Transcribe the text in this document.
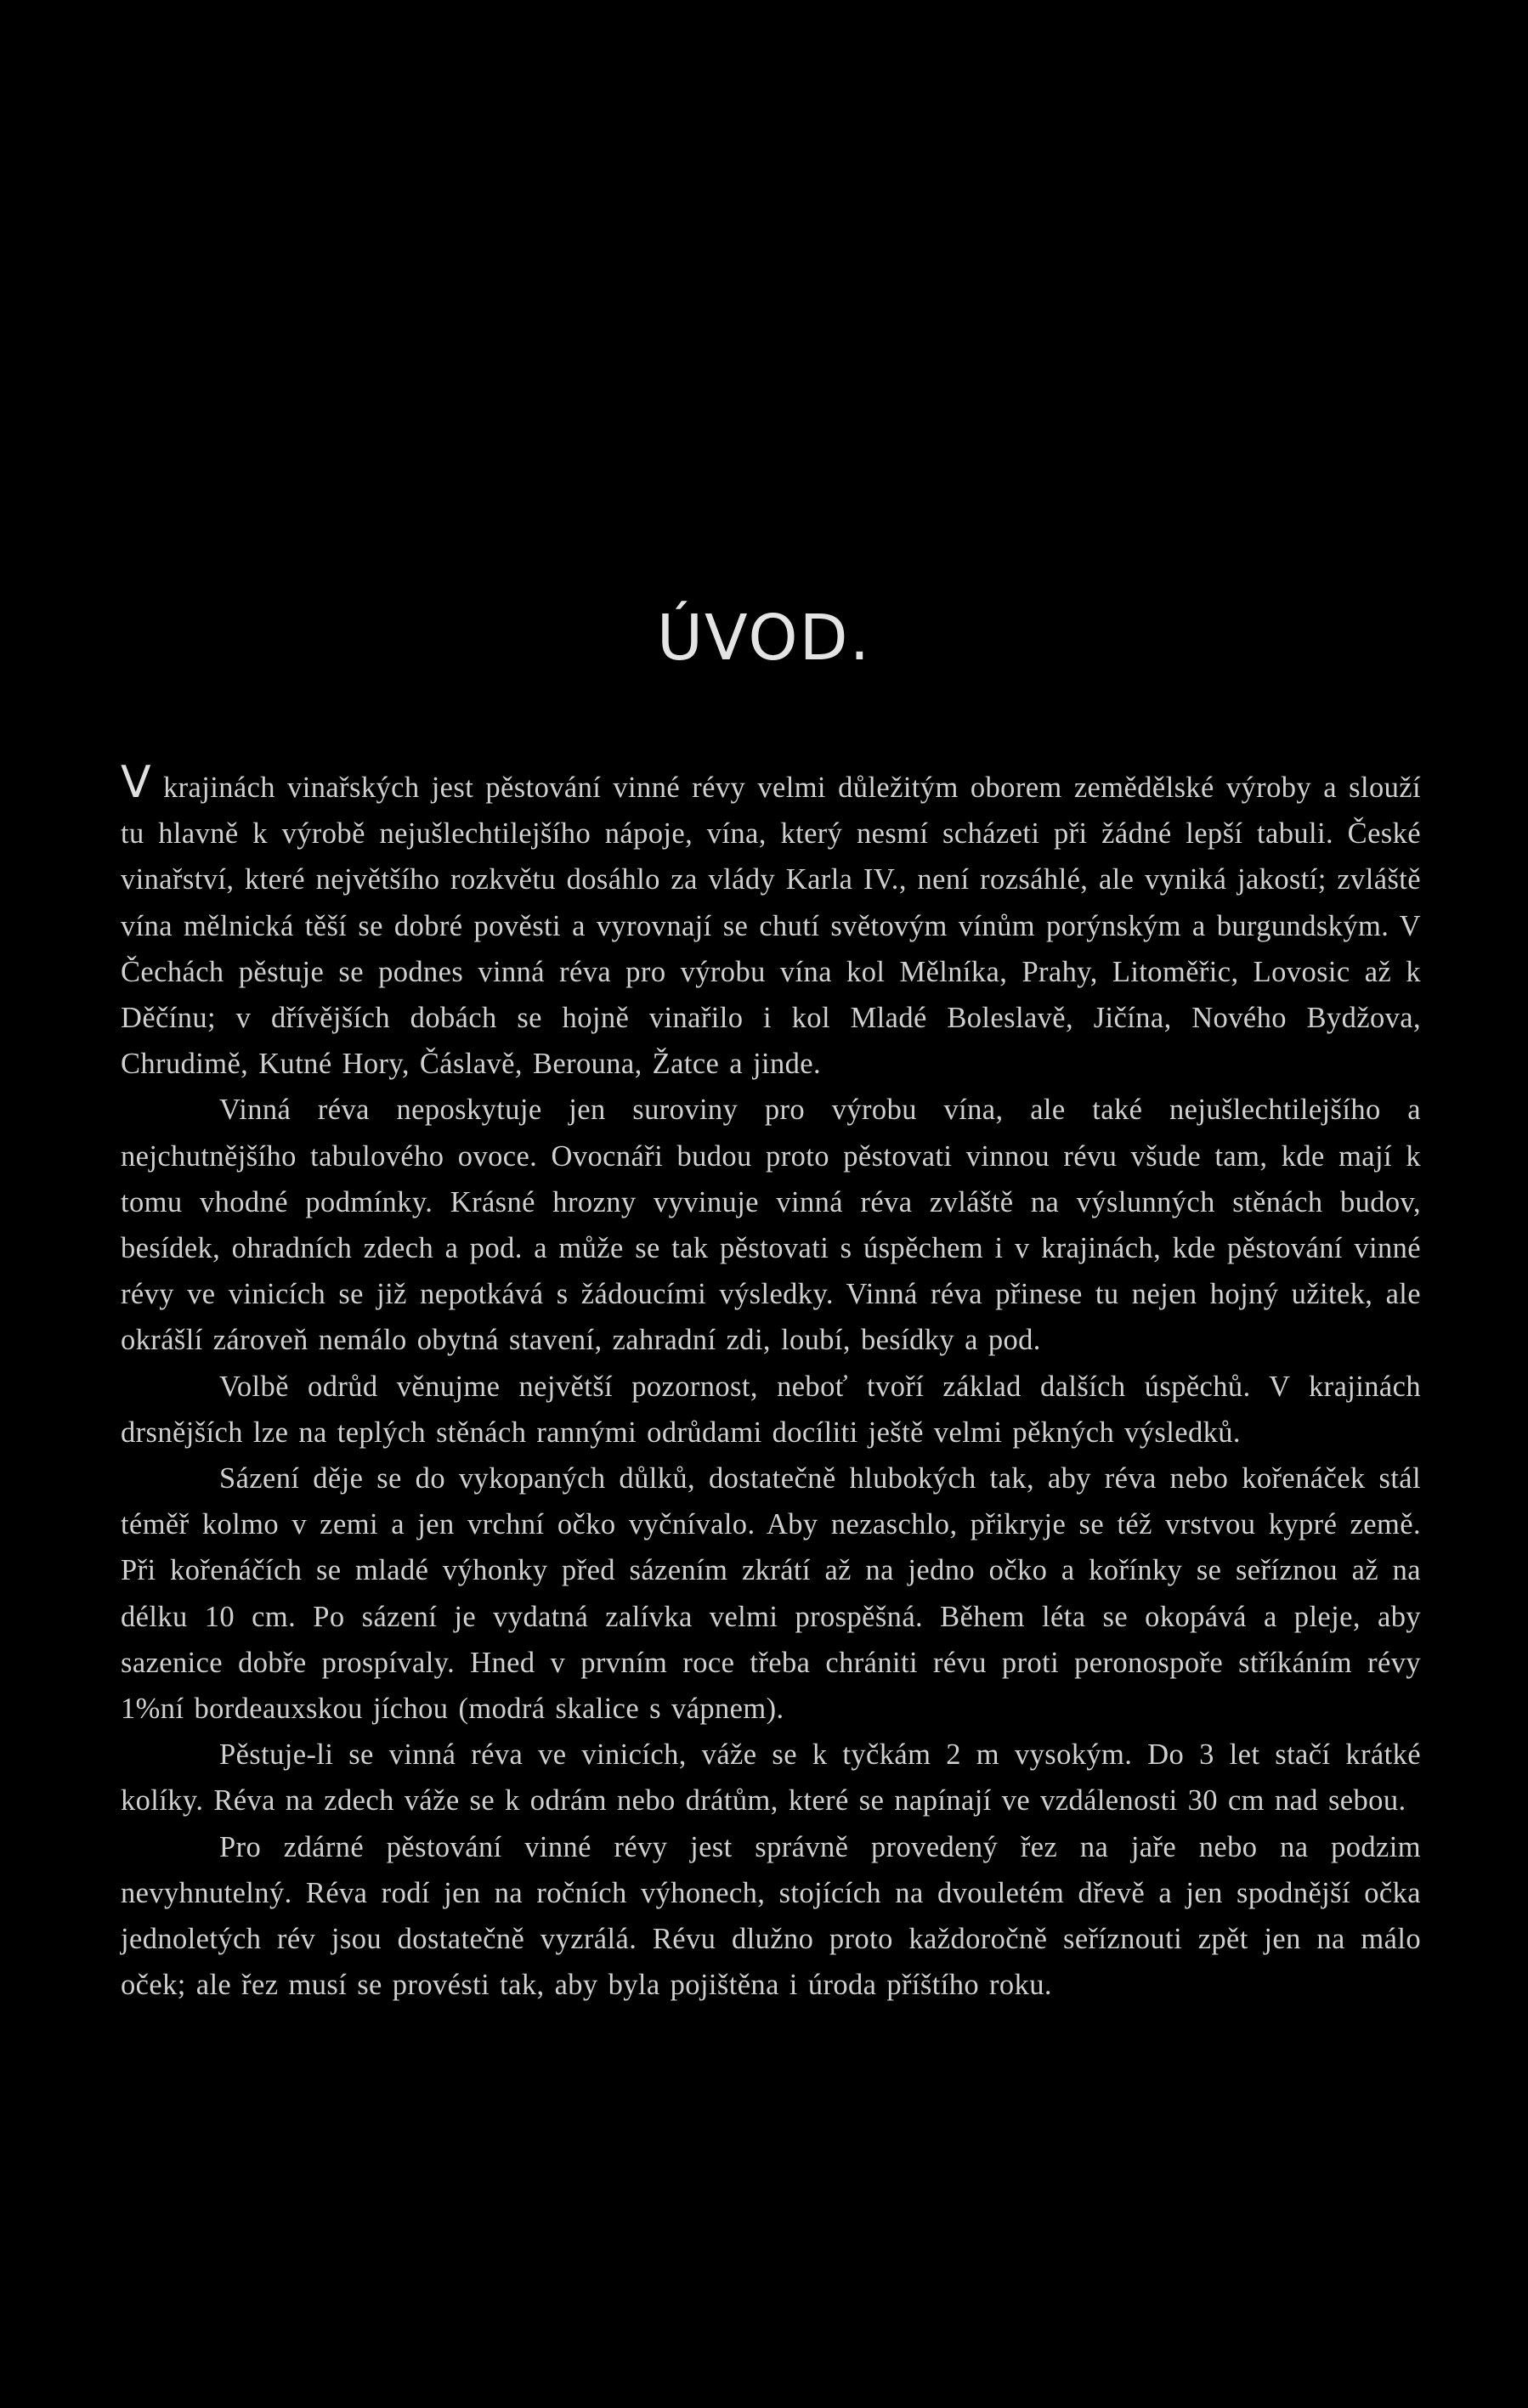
ÚVOD.

Vkrajinách vinařských jest pěstování vinné révy velmi důležitým oborem zemědělské výroby a slouží tu hlavně k výrobě nejušlechtilejšího nápoje, vína, který nesmí scházeti při žádné lepší tabuli. České vinařství, které největšího rozkvětu dosáhlo za vlády Karla IV., není rozsáhlé, ale vyniká jakostí; zvláště vína mělnická těší se dobré pověsti a vyrovnají se chutí světovým vínům porýnským a burgundským. V Čechách pěstuje se podnes vinná réva pro výrobu vína kol Mělníka, Prahy, Litoměřic, Lovosic až k Děčínu; v dřívějších dobách se hojně vinařilo i kol Mladé Boleslavě, Jičína, Nového Bydžova, Chrudimě, Kutné Hory, Čáslavě, Berouna, Žatce a jinde.

Vinná réva neposkytuje jen suroviny pro výrobu vína, ale také nejušlechtilejšího a nejchutnějšího tabulového ovoce. Ovocnáři budou proto pěstovati vinnou révu všude tam, kde mají k tomu vhodné podmínky. Krásné hrozny vyvinuje vinná réva zvláště na výslunných stěnách budov, besídek, ohradních zdech a pod. a může se tak pěstovati s úspěchem i v krajinách, kde pěstování vinné révy ve vinicích se již nepotkává s žádoucími výsledky. Vinná réva přinese tu nejen hojný užitek, ale okrášlí zároveň nemálo obytná stavení, zahradní zdi, loubí, besídky a pod.

Volbě odrůd věnujme největší pozornost, neboť tvoří základ dalších úspěchů. V krajinách drsnějších lze na teplých stěnách rannými odrůdami docíliti ještě velmi pěkných výsledků.

Sázení děje se do vykopaných důlků, dostatečně hlubokých tak, aby réva nebo kořenáček stál téměř kolmo v zemi a jen vrchní očko vyčnívalo. Aby nezaschlo, přikryje se též vrstvou kypré země. Při kořenáčích se mladé výhonky před sázením zkrátí až na jedno očko a kořínky se seříznou až na délku 10 cm. Po sázení je vydatná zalívka velmi prospěšná. Během léta se okopává a pleje, aby sazenice dobře prospívaly. Hned v prvním roce třeba chrániti révu proti peronospoře stříkáním révy 1%ní bordeauxskou jíchou (modrá skalice s vápnem).

Pěstuje-li se vinná réva ve vinicích, váže se k tyčkám 2 m vysokým. Do 3 let stačí krátké kolíky. Réva na zdech váže se k odrám nebo drátům, které se napínají ve vzdálenosti 30 cm nad sebou.

Pro zdárné pěstování vinné révy jest správně provedený řez na jaře nebo na podzim nevyhnutelný. Réva rodí jen na ročních výhonech, stojících na dvouletém dřevě a jen spodnější očka jednoletých rév jsou dostatečně vyzrálá. Révu dlužno proto každoročně seříznouti zpět jen na málo oček; ale řez musí se provésti tak, aby byla pojištěna i úroda příštího roku.
